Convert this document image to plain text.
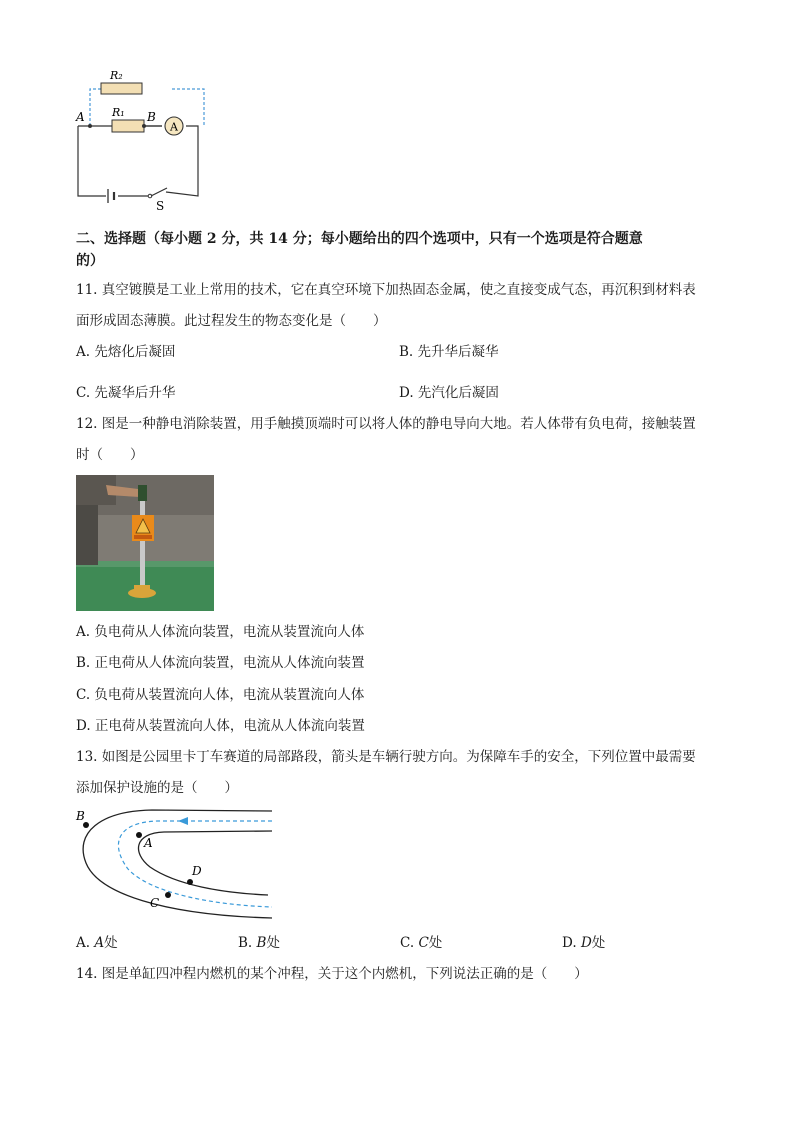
A
R₂
R₁
A	B
S
二、选择题（每小题 2 分，共 14 分；每小题给出的四个选项中，只有一个选项是符合题意
的）
11. 真空镀膜是工业上常用的技术，它在真空环境下加热固态金属，使之直接变成气态，再沉积到材料表
面形成固态薄膜。此过程发生的物态变化是（　　）
A. 先熔化后凝固	B. 先升华后凝华
C. 先凝华后升华	D. 先汽化后凝固
12. 图是一种静电消除装置，用手触摸顶端时可以将人体的静电导向大地。若人体带有负电荷，接触装置
时（　　）
A. 负电荷从人体流向装置，电流从装置流向人体
B. 正电荷从人体流向装置，电流从人体流向装置
C. 负电荷从装置流向人体，电流从装置流向人体
D. 正电荷从装置流向人体，电流从人体流向装置
13. 如图是公园里卡丁车赛道的局部路段，箭头是车辆行驶方向。为保障车手的安全，下列位置中最需要
添加保护设施的是（　　）
B
A
D
C
A. A处	B. B处	C. C处	D. D处
14. 图是单缸四冲程内燃机的某个冲程，关于这个内燃机，下列说法正确的是（　　）
